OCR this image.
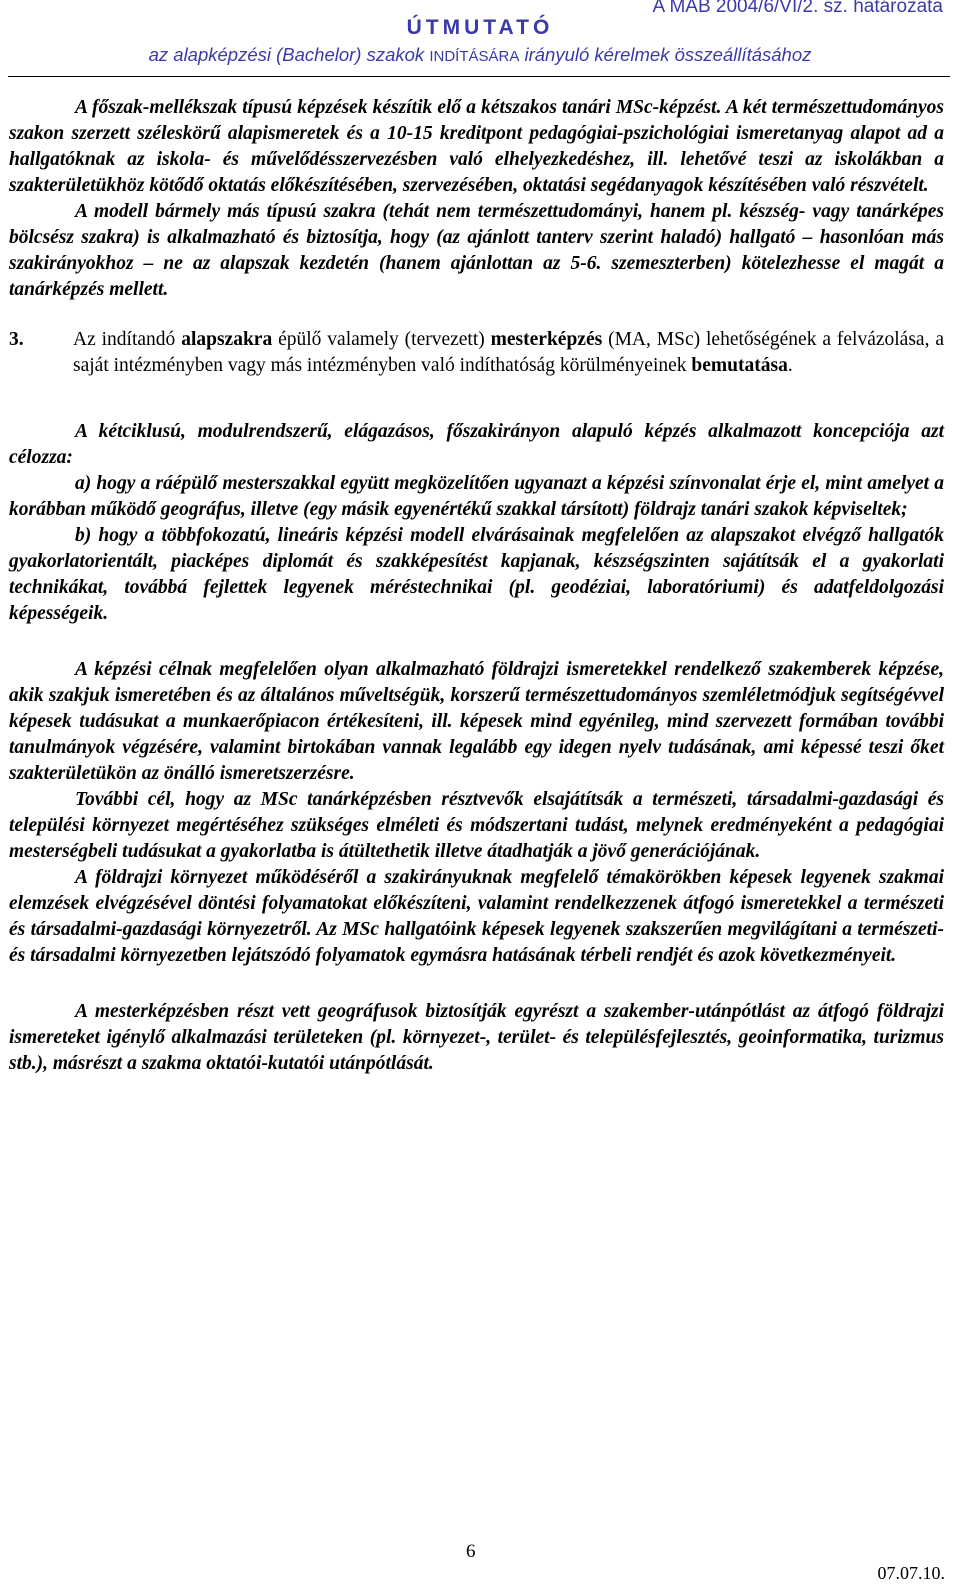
A MAB 2004/6/VI/2. sz. határozata
ÚTMUTATÓ
az alapképzési (Bachelor) szakok INDÍTÁSÁRA irányuló kérelmek összeállításához

A főszak-mellékszak típusú képzések készítik elő a kétszakos tanári MSc-képzést. A két természettudományos szakon szerzett széleskörű alapismeretek és a 10-15 kreditpont pedagógiai-pszichológiai ismeretanyag alapot ad a hallgatóknak az iskola- és művelődésszervezésben való elhelyezkedéshez, ill. lehetővé teszi az iskolákban a szakterületükhöz kötődő oktatás előkészítésében, szervezésében, oktatási segédanyagok készítésében való részvételt.

A modell bármely más típusú szakra (tehát nem természettudományi, hanem pl. készség- vagy tanárképes bölcsész szakra) is alkalmazható és biztosítja, hogy (az ajánlott tanterv szerint haladó) hallgató – hasonlóan más szakirányokhoz – ne az alapszak kezdetén (hanem ajánlottan az 5-6. szemeszterben) kötelezhesse el magát a tanárképzés mellett.

3.	Az indítandó alapszakra épülő valamely (tervezett) mesterképzés (MA, MSc) lehetőségének a felvázolása, a saját intézményben vagy más intézményben való indíthatóság körülményeinek bemutatása.

A kétciklusú, modulrendszerű, elágazásos, főszakirányon alapuló képzés alkalmazott koncepciója azt célozza:

a) hogy a ráépülő mesterszakkal együtt megközelítően ugyanazt a képzési színvonalat érje el, mint amelyet a korábban működő geográfus, illetve (egy másik egyenértékű szakkal társított) földrajz tanári szakok képviseltek;

b) hogy a többfokozatú, lineáris képzési modell elvárásainak megfelelően az alapszakot elvégző hallgatók gyakorlatorientált, piacképes diplomát és szakképesítést kapjanak, készségszinten sajátítsák el a gyakorlati technikákat, továbbá fejlettek legyenek méréstechnikai (pl. geodéziai, laboratóriumi) és adatfeldolgozási képességeik.

A képzési célnak megfelelően olyan alkalmazható földrajzi ismeretekkel rendelkező szakemberek képzése, akik szakjuk ismeretében és az általános műveltségük, korszerű természettudományos szemléletmódjuk segítségévvel képesek tudásukat a munkaerőpiacon értékesíteni, ill. képesek mind egyénileg, mind szervezett formában további tanulmányok végzésére, valamint birtokában vannak legalább egy idegen nyelv tudásának, ami képessé teszi őket szakterületükön az önálló ismeretszerzésre.

További cél, hogy az MSc tanárképzésben résztvevők elsajátítsák a természeti, társadalmi-gazdasági és települési környezet megértéséhez szükséges elméleti és módszertani tudást, melynek eredményeként a pedagógiai mesterségbeli tudásukat a gyakorlatba is átültethetik illetve átadhatják a jövő generációjának.

A földrajzi környezet működéséről a szakirányuknak megfelelő témakörökben képesek legyenek szakmai elemzések elvégzésével döntési folyamatokat előkészíteni, valamint rendelkezzenek átfogó ismeretekkel a természeti és társadalmi-gazdasági környezetről. Az MSc hallgatóink képesek legyenek szakszerűen megvilágítani a természeti- és társadalmi környezetben lejátszódó folyamatok egymásra hatásának térbeli rendjét és azok következményeit.

A mesterképzésben részt vett geográfusok biztosítják egyrészt a szakember-utánpótlást az átfogó földrajzi ismereteket igénylő alkalmazási területeken (pl. környezet-, terület- és településfejlesztés, geoinformatika, turizmus stb.), másrészt a szakma oktatói-kutatói utánpótlását.

6
07.07.10.
